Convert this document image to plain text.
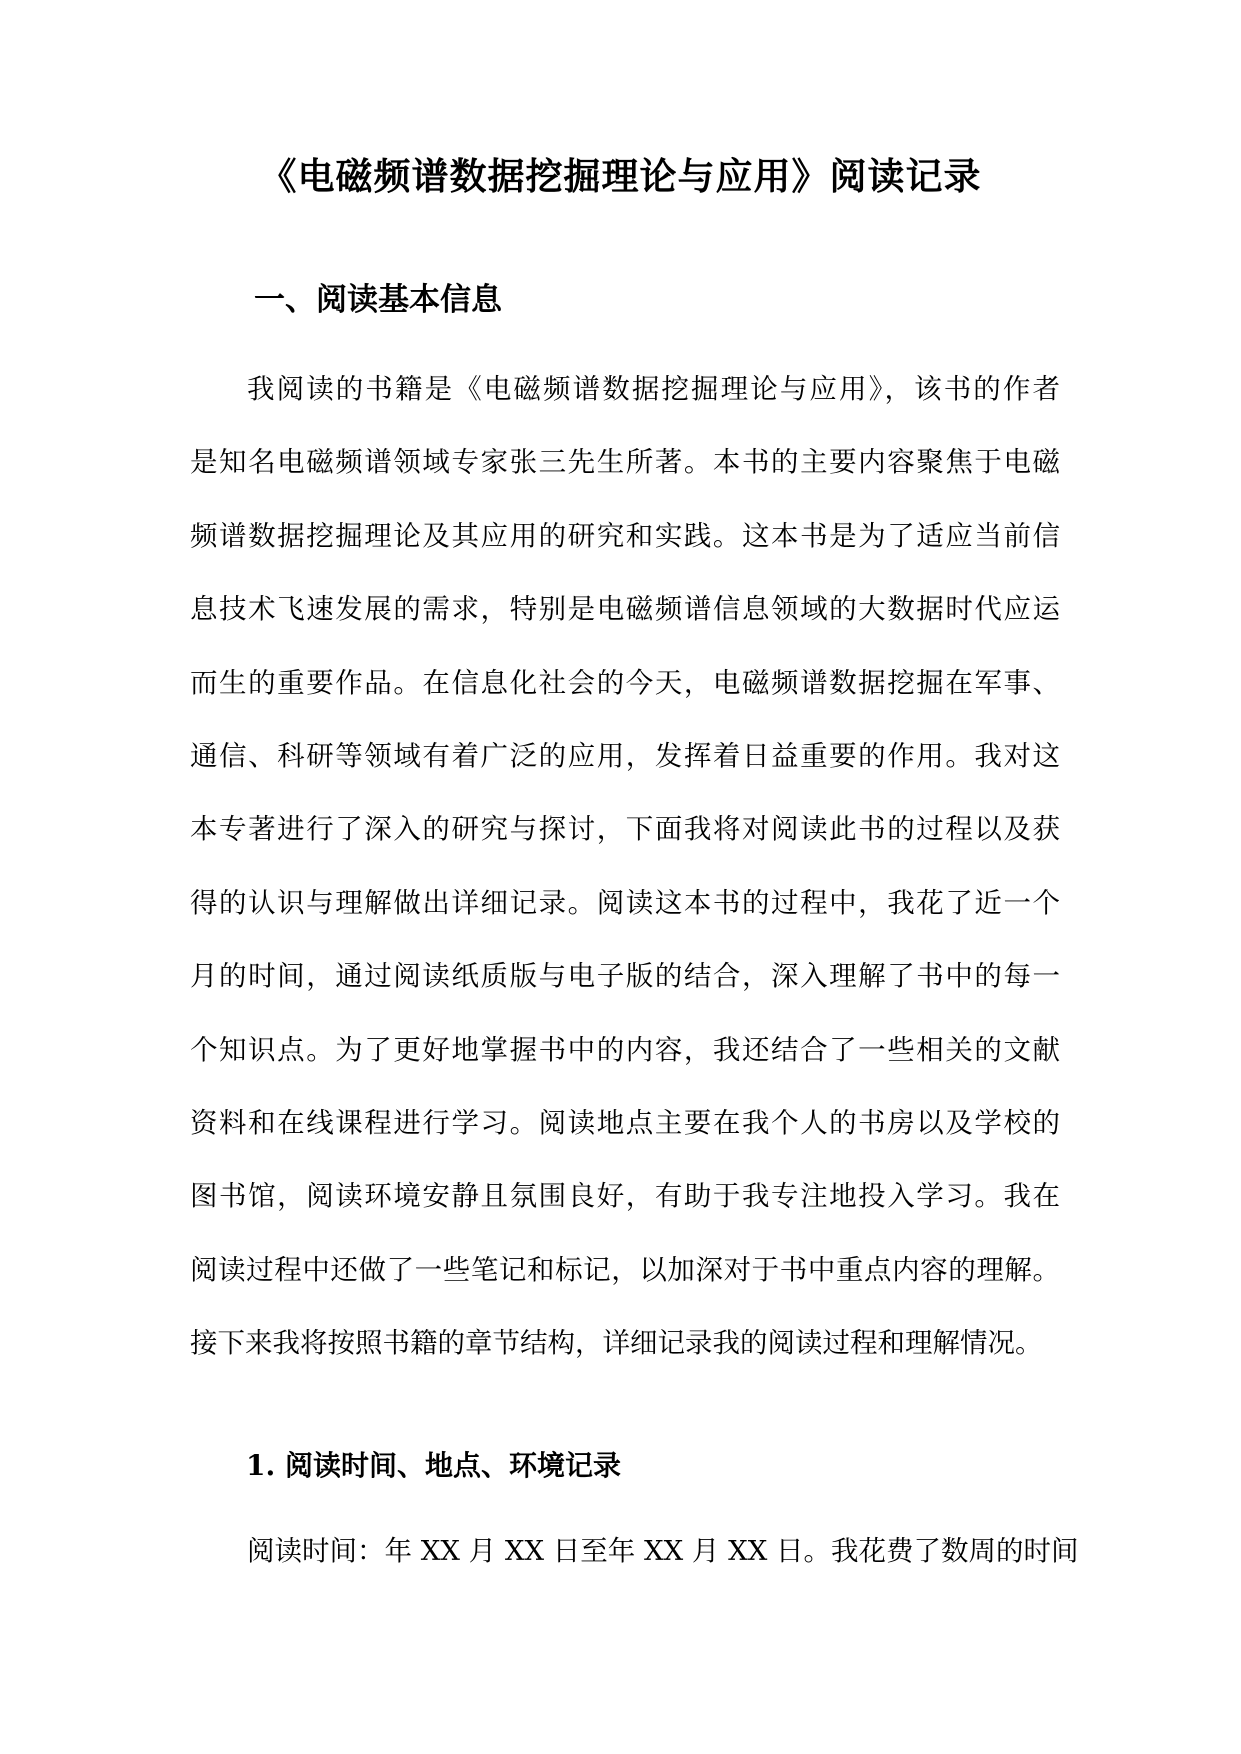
《电磁频谱数据挖掘理论与应用》阅读记录
一、阅读基本信息
我阅读的书籍是《电磁频谱数据挖掘理论与应用》，该书的作者
是知名电磁频谱领域专家张三先生所著。本书的主要内容聚焦于电磁
频谱数据挖掘理论及其应用的研究和实践。这本书是为了适应当前信
息技术飞速发展的需求，特别是电磁频谱信息领域的大数据时代应运
而生的重要作品。在信息化社会的今天，电磁频谱数据挖掘在军事、
通信、科研等领域有着广泛的应用，发挥着日益重要的作用。我对这
本专著进行了深入的研究与探讨，下面我将对阅读此书的过程以及获
得的认识与理解做出详细记录。阅读这本书的过程中，我花了近一个
月的时间，通过阅读纸质版与电子版的结合，深入理解了书中的每一
个知识点。为了更好地掌握书中的内容，我还结合了一些相关的文献
资料和在线课程进行学习。阅读地点主要在我个人的书房以及学校的
图书馆，阅读环境安静且氛围良好，有助于我专注地投入学习。我在
阅读过程中还做了一些笔记和标记，以加深对于书中重点内容的理解。
接下来我将按照书籍的章节结构，详细记录我的阅读过程和理解情况。
1. 阅读时间、地点、环境记录
阅读时间：年 XX 月 XX 日至年 XX 月 XX 日。我花费了数周的时间
